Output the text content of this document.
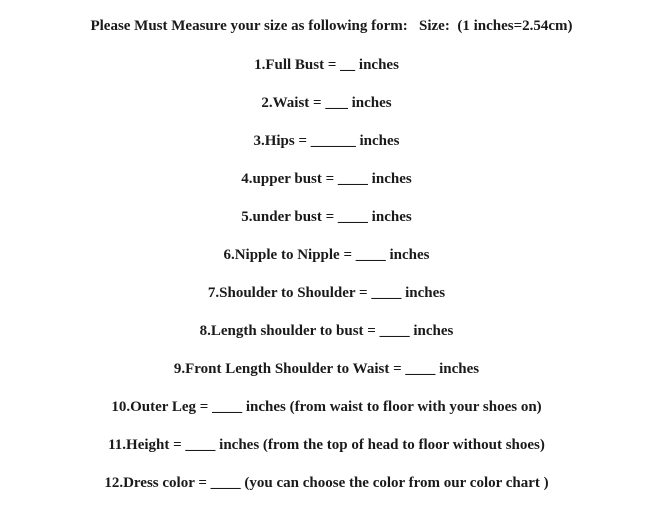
Please Must Measure your size as following form:   Size:  (1 inches=2.54cm)
1.Full Bust = __ inches
2.Waist = ___ inches
3.Hips = ______ inches
4.upper bust = ____ inches
5.under bust = ____ inches
6.Nipple to Nipple = ____ inches
7.Shoulder to Shoulder = ____ inches
8.Length shoulder to bust = ____ inches
9.Front Length Shoulder to Waist = ____ inches
10.Outer Leg = ____ inches (from waist to floor with your shoes on)
11.Height = ____ inches (from the top of head to floor without shoes)
12.Dress color = ____ (you can choose the color from our color chart )
